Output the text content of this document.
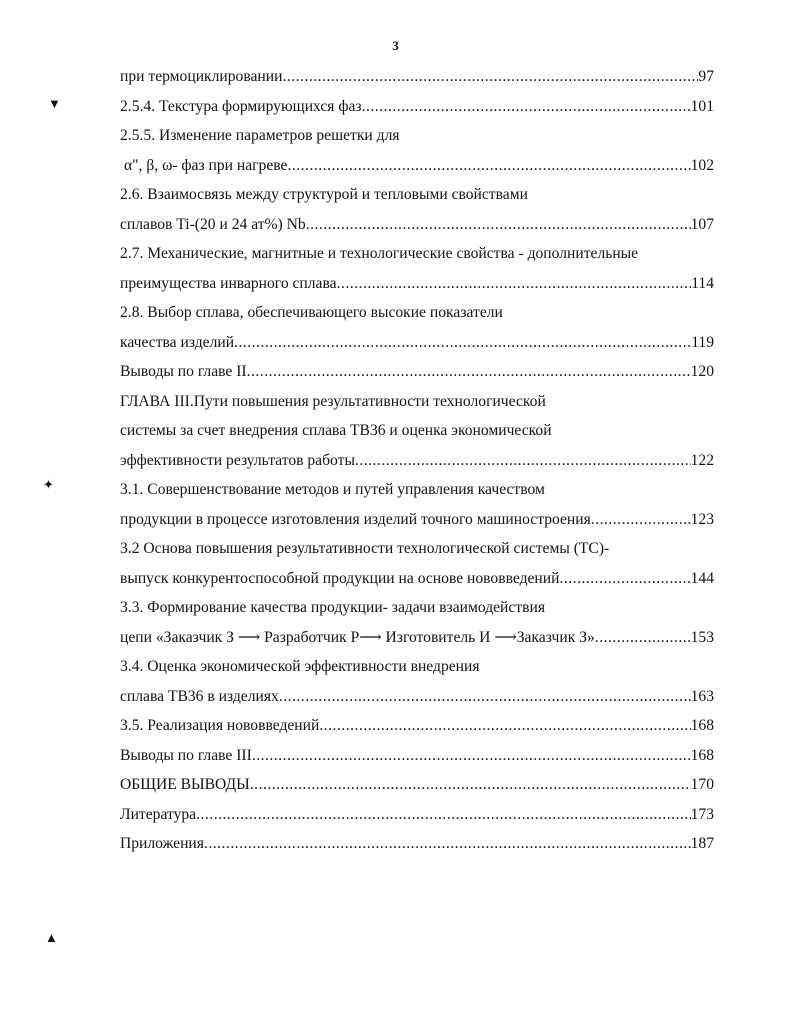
3
▼
✦
▲
при термоциклировании .....	97
2.5.4. Текстура формирующихся фаз .....	101
2.5.5. Изменение параметров решетки для
α", β, ω- фаз при нагреве .....	102
2.6. Взаимосвязь между структурой и тепловыми свойствами
сплавов Ti-(20 и 24 ат%) Nb .....	107
2.7. Механические, магнитные и технологические свойства - дополнительные
преимущества инварного сплава .....	114
2.8. Выбор сплава, обеспечивающего высокие показатели
качества изделий .....	119
Выводы по главе II .....	120
ГЛАВА III.Пути повышения результативности технологической
системы за счет внедрения сплава ТВ36 и оценка экономической
эффективности результатов работы .....	122
3.1. Совершенствование методов и путей управления качеством
продукции в процессе изготовления изделий точного машиностроения .....	123
3.2 Основа повышения результативности технологической системы (ТС)-
выпуск конкурентоспособной продукции на основе нововведений .....	144
3.3. Формирование качества продукции- задачи взаимодействия
цепи «Заказчик З ⟶ Разработчик Р⟶ Изготовитель И ⟶Заказчик З» .....	153
3.4. Оценка экономической эффективности внедрения
сплава ТВ36 в изделиях .....	163
3.5. Реализация нововведений .....	168
Выводы по главе III .....	168
ОБЩИЕ ВЫВОДЫ .....	170
Литература .....	173
Приложения .....	187
